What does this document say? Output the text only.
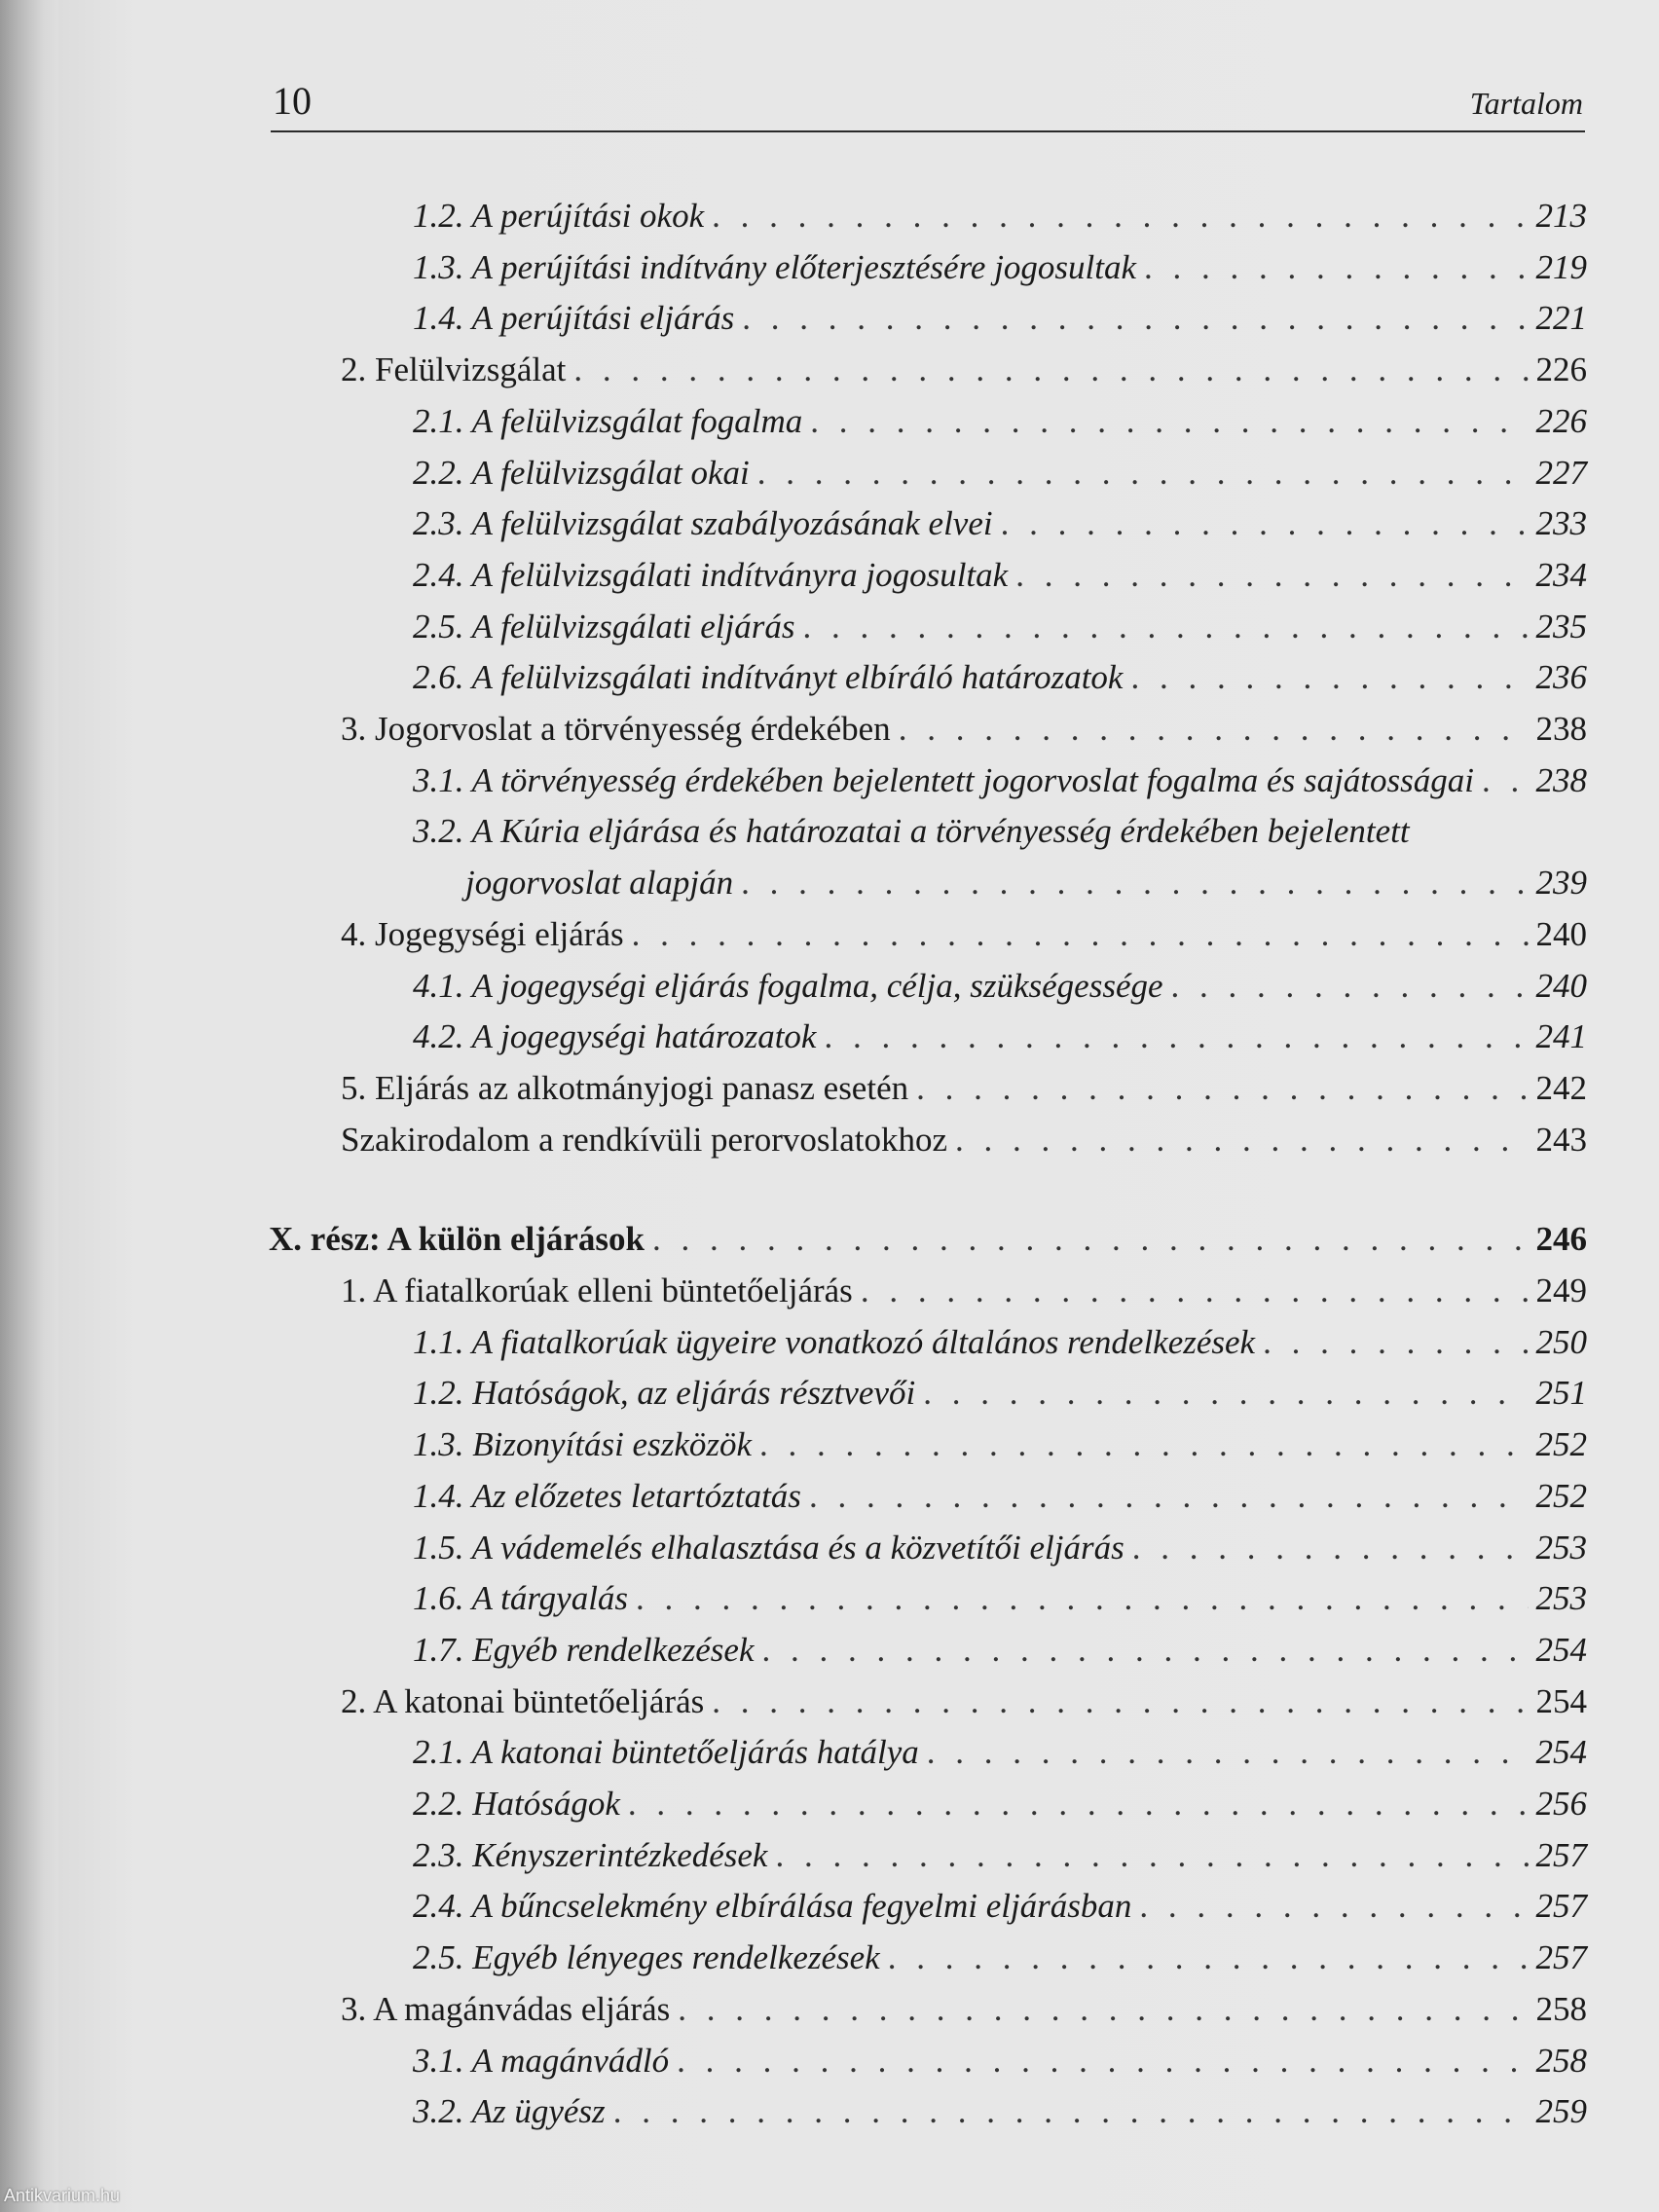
10	Tartalom
1.2. A perújítási okok . . .	213
1.3. A perújítási indítvány előterjesztésére jogosultak . . .	219
1.4. A perújítási eljárás . . .	221
2. Felülvizsgálat . . .	226
2.1. A felülvizsgálat fogalma . . .	226
2.2. A felülvizsgálat okai . . .	227
2.3. A felülvizsgálat szabályozásának elvei . . .	233
2.4. A felülvizsgálati indítványra jogosultak . . .	234
2.5. A felülvizsgálati eljárás . . .	235
2.6. A felülvizsgálati indítványt elbíráló határozatok . . .	236
3. Jogorvoslat a törvényesség érdekében . . .	238
3.1. A törvényesség érdekében bejelentett jogorvoslat fogalma és sajátosságai . . . 238
3.2. A Kúria eljárása és határozatai a törvényesség érdekében bejelentett
jogorvoslat alapján . . .	239
4. Jogegységi eljárás . . .	240
4.1. A jogegységi eljárás fogalma, célja, szükségessége . . .	240
4.2. A jogegységi határozatok . . .	241
5. Eljárás az alkotmányjogi panasz esetén . . .	242
Szakirodalom a rendkívüli perorvoslatokhoz . . .	243
X. rész: A külön eljárások . . .	246
1. A fiatalkorúak elleni büntetőeljárás . . .	249
1.1. A fiatalkorúak ügyeire vonatkozó általános rendelkezések . . .	250
1.2. Hatóságok, az eljárás résztvevői . . .	251
1.3. Bizonyítási eszközök . . .	252
1.4. Az előzetes letartóztatás . . .	252
1.5. A vádemelés elhalasztása és a közvetítői eljárás . . .	253
1.6. A tárgyalás . . .	253
1.7. Egyéb rendelkezések . . .	254
2. A katonai büntetőeljárás . . .	254
2.1. A katonai büntetőeljárás hatálya . . .	254
2.2. Hatóságok . . .	256
2.3. Kényszerintézkedések . . .	257
2.4. A bűncselekmény elbírálása fegyelmi eljárásban . . .	257
2.5. Egyéb lényeges rendelkezések . . .	257
3. A magánvádas eljárás . . .	258
3.1. A magánvádló . . .	258
3.2. Az ügyész . . .	259
Antikvarium.hu
